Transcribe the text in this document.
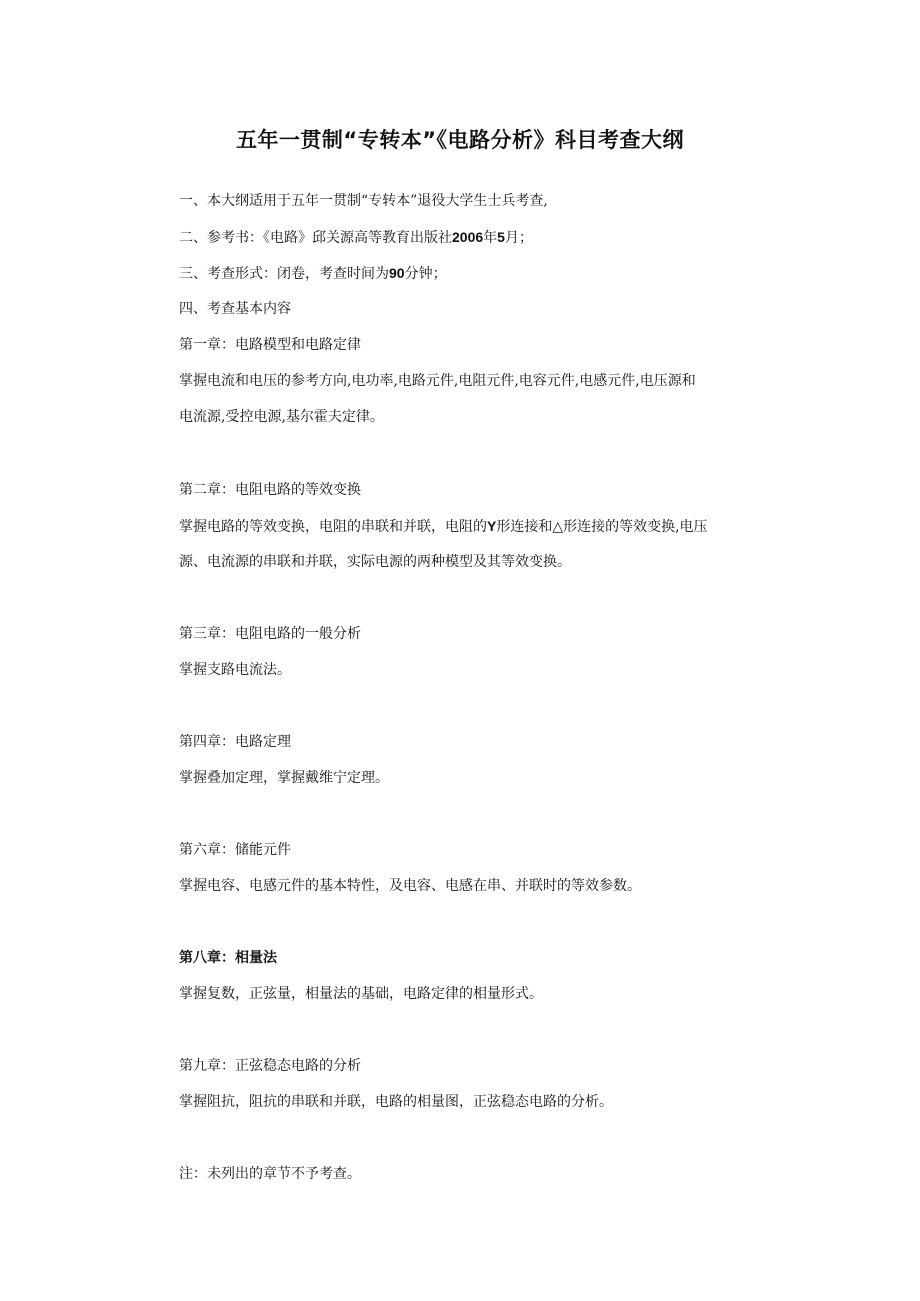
五年一贯制“专转本”《电路分析》科目考查大纲

一、本大纲适用于五年一贯制“专转本”退役大学生士兵考查,

二、参考书：《电路》邱关源高等教育出版社2006年5月；

三、考查形式：闭卷，考查时间为90分钟；

四、考查基本内容

第一章：电路模型和电路定律

掌握电流和电压的参考方向,电功率,电路元件,电阻元件,电容元件,电感元件,电压源和

电流源,受控电源,基尔霍夫定律。

第二章：电阻电路的等效变换

掌握电路的等效变换，电阻的串联和并联，电阻的Y形连接和△形连接的等效变换,电压

源、电流源的串联和并联，实际电源的两种模型及其等效变换。

第三章：电阻电路的一般分析

掌握支路电流法。

第四章：电路定理

掌握叠加定理，掌握戴维宁定理。

第六章：储能元件

掌握电容、电感元件的基本特性，及电容、电感在串、并联时的等效参数。

第八章：相量法

掌握复数，正弦量，相量法的基础，电路定律的相量形式。

第九章：正弦稳态电路的分析

掌握阻抗，阻抗的串联和并联，电路的相量图，正弦稳态电路的分析。

注：未列出的章节不予考查。
